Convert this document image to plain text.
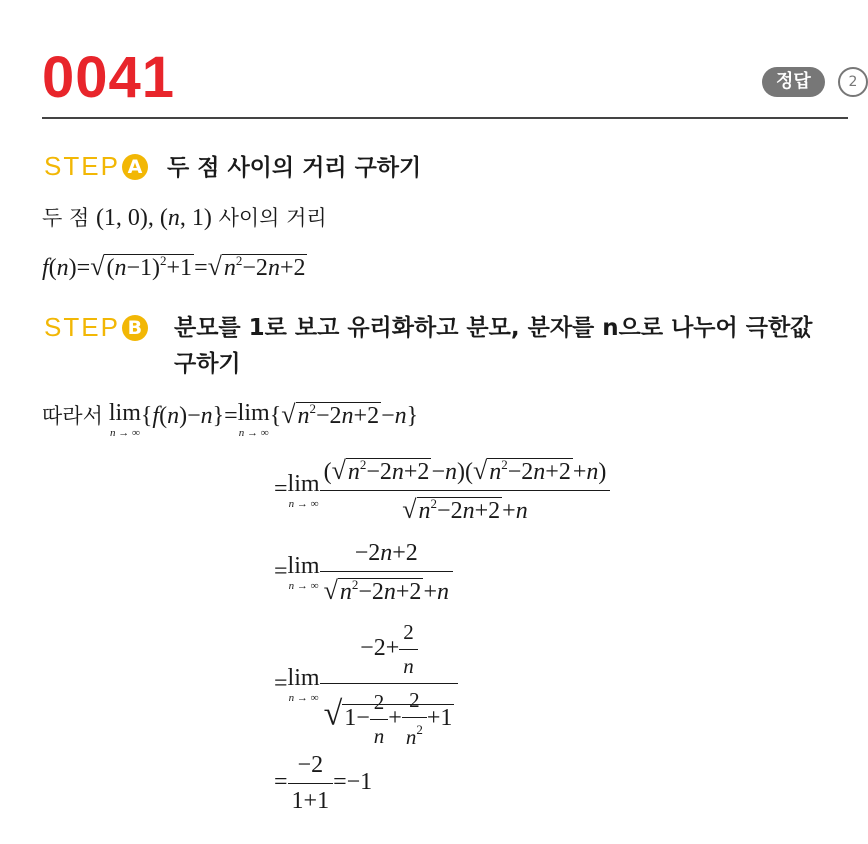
0041	정답	2
STEP A 두 점 사이의 거리 구하기
두 점 (1, 0), (n, 1) 사이의 거리
$f(n)=√(n-1)^2+1=√n^2-2n+2$
STEP B 분모를 1로 보고 유리화하고 분모, 분자를 n으로 나누어 극한값
구하기
따라서 lim
n → ∞
{f(n)−n}=lim
n → ∞
$\{√n^2-2n+2-n\}$
=lim
n → ∞ $\frac{(√n^2-2n+2-n)(√n^2-2n+2+n)}{√n^2-2n+2+n}$
=lim
n → ∞ $\frac{-2n+2}{√n^2-2n+2+n}$
=lim
n → ∞ $\frac{-2+ \frac{2}{n}}{√1- \frac{2}{n} + \frac{2}{n^2} +1}$
= $\frac{-2}{1+1} =-1$
